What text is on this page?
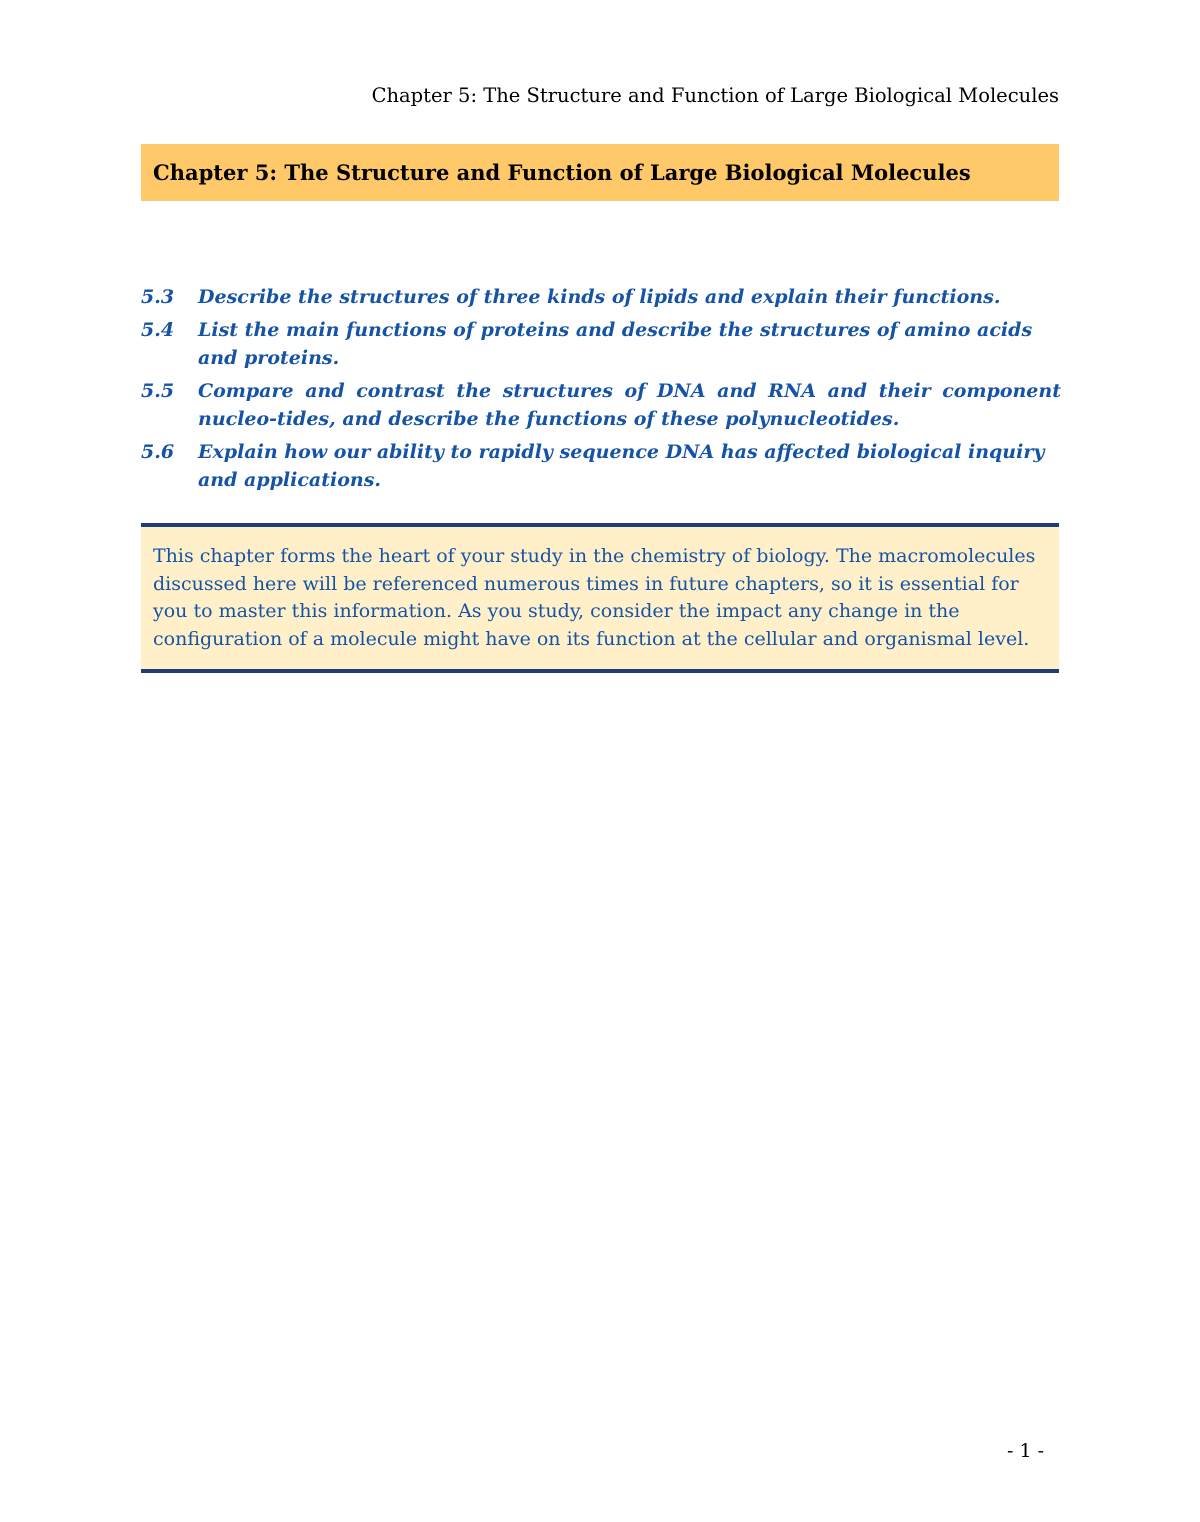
Chapter 5: The Structure and Function of Large Biological Molecules
Chapter 5: The Structure and Function of Large Biological Molecules
5.3	Describe the structures of three kinds of lipids and explain their functions.
5.4	List the main functions of proteins and describe the structures of amino acids and proteins.
5.5	Compare and contrast the structures of DNA and RNA and their component nucleo-tides, and describe the functions of these polynucleotides.
5.6	Explain how our ability to rapidly sequence DNA has affected biological inquiry and applications.

This chapter forms the heart of your study in the chemistry of biology. The macromolecules discussed here will be referenced numerous times in future chapters, so it is essential for you to master this information. As you study, consider the impact any change in the configuration of a molecule might have on its function at the cellular and organismal level.

- 1 -
